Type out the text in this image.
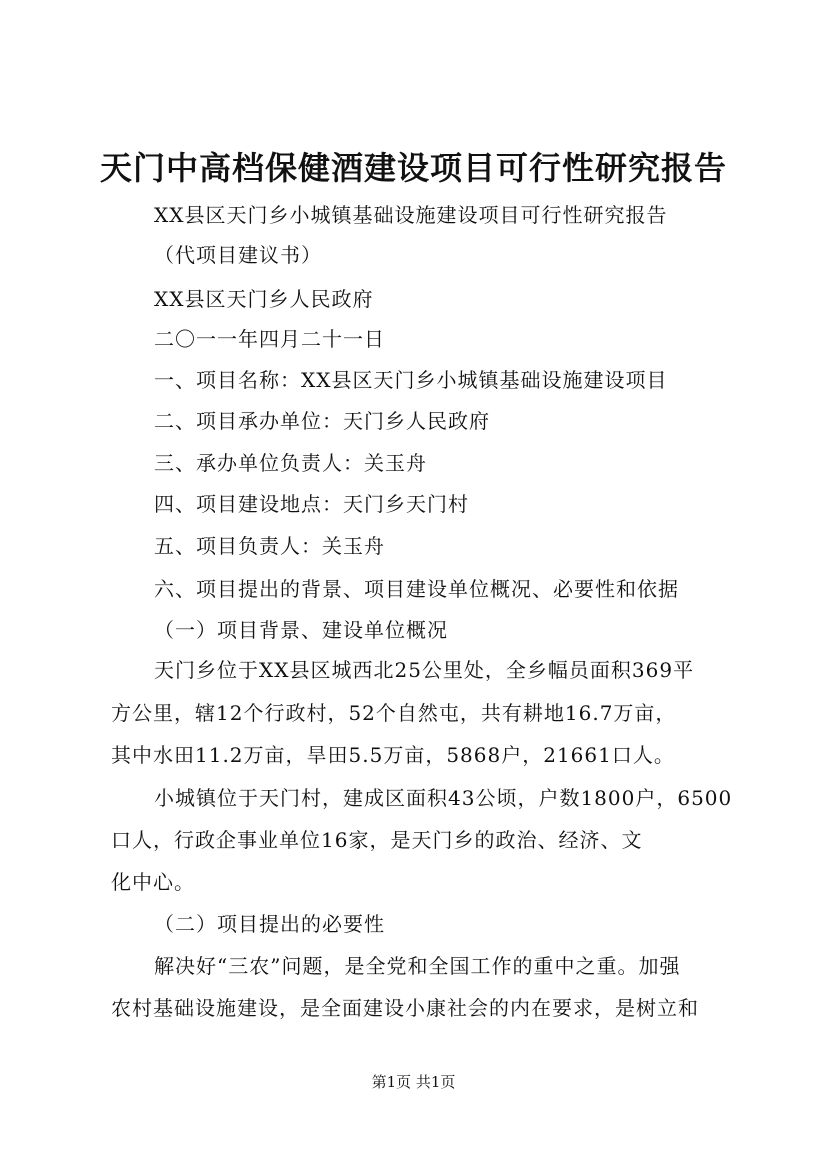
天门中高档保健酒建设项目可行性研究报告
XX县区天门乡小城镇基础设施建设项目可行性研究报告
（代项目建议书）
XX县区天门乡人民政府
二〇一一年四月二十一日
一、项目名称：XX县区天门乡小城镇基础设施建设项目
二、项目承办单位：天门乡人民政府
三、承办单位负责人：关玉舟
四、项目建设地点：天门乡天门村
五、项目负责人：关玉舟
六、项目提出的背景、项目建设单位概况、必要性和依据
（一）项目背景、建设单位概况
天门乡位于XX县区城西北25公里处，全乡幅员面积369平
方公里，辖12个行政村，52个自然屯，共有耕地16.7万亩，
其中水田11.2万亩，旱田5.5万亩，5868户，21661口人。
小城镇位于天门村，建成区面积43公顷，户数1800户，6500
口人，行政企事业单位16家，是天门乡的政治、经济、文
化中心。
（二）项目提出的必要性
解决好“三农”问题，是全党和全国工作的重中之重。加强
农村基础设施建设，是全面建设小康社会的内在要求，是树立和
第1页 共1页
